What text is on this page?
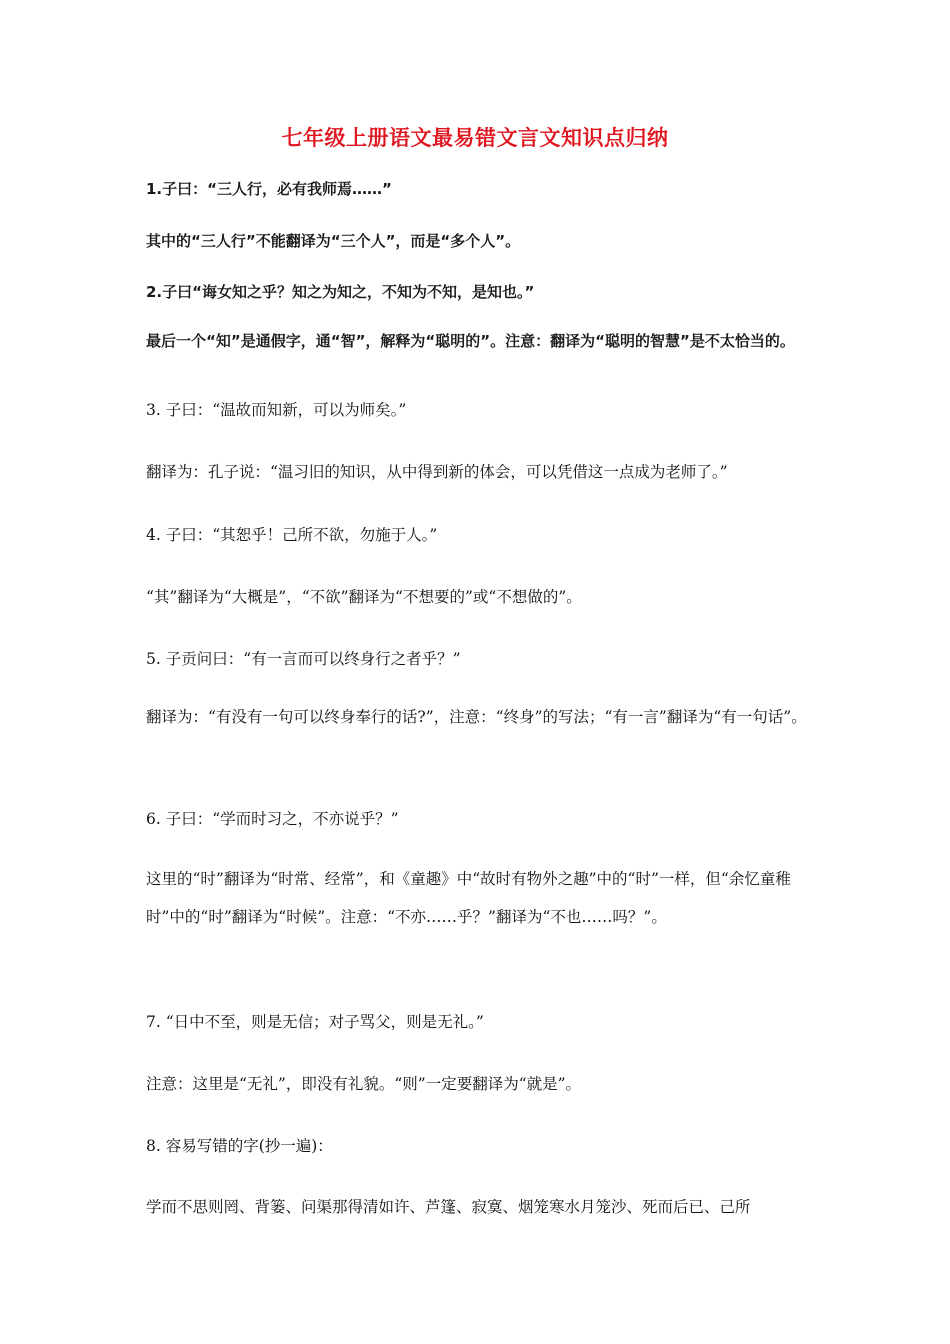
七年级上册语文最易错文言文知识点归纳
1.子曰：“三人行，必有我师焉……”
其中的“三人行”不能翻译为“三个人”，而是“多个人”。
2.子曰“诲女知之乎？知之为知之，不知为不知，是知也。”
最后一个“知”是通假字，通“智”，解释为“聪明的”。注意：翻译为“聪明的智慧”是不太恰当的。
3. 子曰：“温故而知新，可以为师矣。”
翻译为：孔子说：“温习旧的知识，从中得到新的体会，可以凭借这一点成为老师了。”
4. 子曰：“其恕乎！己所不欲，勿施于人。”
“其”翻译为“大概是”，“不欲”翻译为“不想要的”或“不想做的”。
5. 子贡问曰：“有一言而可以终身行之者乎？”
翻译为：“有没有一句可以终身奉行的话?”，注意：“终身”的写法；“有一言”翻译为“有一句话”。
6. 子曰：“学而时习之，不亦说乎？”
这里的“时”翻译为“时常、经常”，和《童趣》中“故时有物外之趣”中的“时”一样，但“余忆童稚时”中的“时”翻译为“时候”。注意：“不亦……乎？”翻译为“不也……吗？”。
7. “日中不至，则是无信；对子骂父，则是无礼。”
注意：这里是“无礼”，即没有礼貌。“则”一定要翻译为“就是”。
8. 容易写错的字(抄一遍)：
学而不思则罔、背篓、问渠那得清如许、芦篷、寂寞、烟笼寒水月笼沙、死而后已、己所
